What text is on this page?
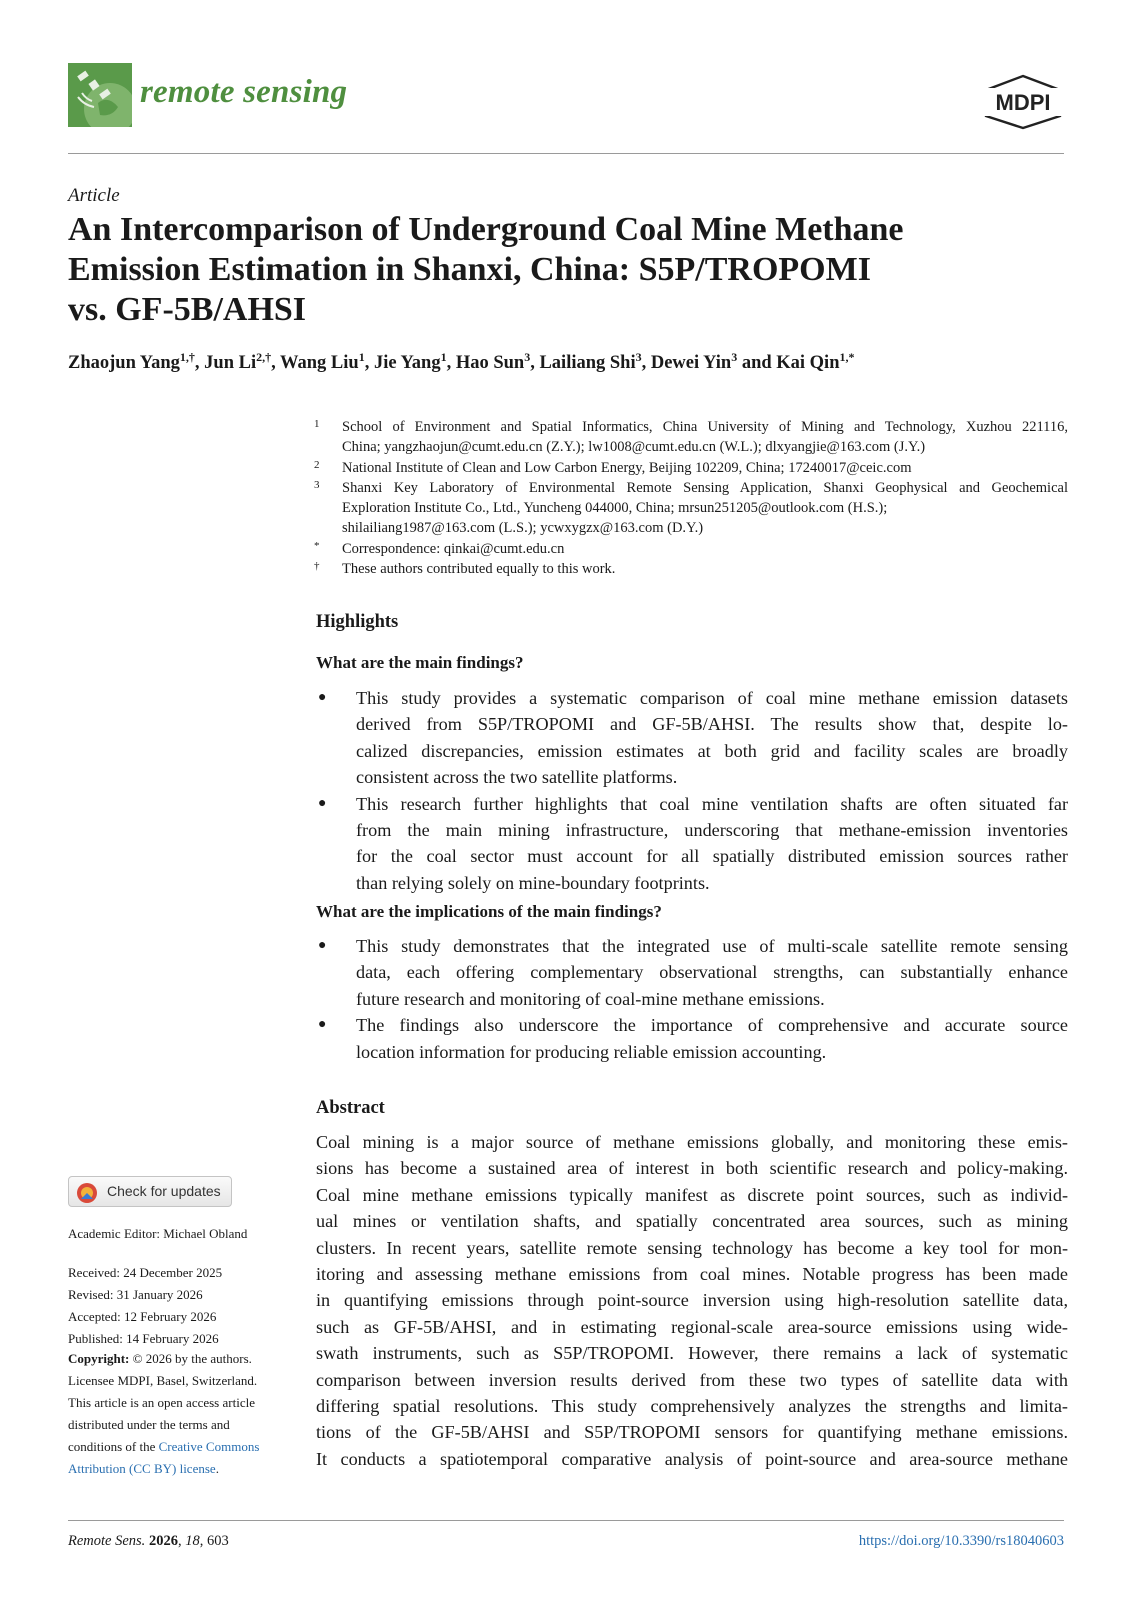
remote sensing	MDPI
Article
An Intercomparison of Underground Coal Mine Methane
Emission Estimation in Shanxi, China: S5P/TROPOMI
vs. GF-5B/AHSI
Zhaojun Yang$^{1,\dagger}$, Jun $Li^{2,\dagger}$, Wang Liu$^1$, Jie Yang$^1$, Hao Sun$^3$, Lailiang Shi$^3$, Dewei Yin$^3$ and Kai Qin$^{1,*}$
1 School of Environment and Spatial Informatics, China University of Mining and Technology, Xuzhou 221116,
China; yangzhaojun@cumt.edu.cn (Z.Y.); lw1008@cumt.edu.cn (W.L.); dlxyangjie@163.com (J.Y.)
2 National Institute of Clean and Low Carbon Energy, Beijing 102209, China; 17240017@ceic.com
3 Shanxi Key Laboratory of Environmental Remote Sensing Application, Shanxi Geophysical and Geochemical
Exploration Institute Co., Ltd., Yuncheng 044000, China; mrsun251205@outlook.com (H.S.);
shilailiang1987@163.com (L.S.); ycwxygzx@163.com (D.Y.)
* Correspondence: qinkai@cumt.edu.cn
† These authors contributed equally to this work.
Highlights
What are the main findings?
● This study provides a systematic comparison of coal mine methane emission datasets
derived from S5P/TROPOMI and GF-5B/AHSI. The results show that, despite lo-
calized discrepancies, emission estimates at both grid and facility scales are broadly
consistent across the two satellite platforms.
● This research further highlights that coal mine ventilation shafts are often situated far
from the main mining infrastructure, underscoring that methane-emission inventories
for the coal sector must account for all spatially distributed emission sources rather
than relying solely on mine-boundary footprints.
What are the implications of the main findings?
● This study demonstrates that the integrated use of multi-scale satellite remote sensing
data, each offering complementary observational strengths, can substantially enhance
future research and monitoring of coal-mine methane emissions.
● The findings also underscore the importance of comprehensive and accurate source
location information for producing reliable emission accounting.
Abstract
Coal mining is a major source of methane emissions globally, and monitoring these emis-
sions has become a sustained area of interest in both scientific research and policy-making.
Coal mine methane emissions typically manifest as discrete point sources, such as individ-
ual mines or ventilation shafts, and spatially concentrated area sources, such as mining
clusters. In recent years, satellite remote sensing technology has become a key tool for mon-
itoring and assessing methane emissions from coal mines. Notable progress has been made
in quantifying emissions through point-source inversion using high-resolution satellite data,
such as GF-5B/AHSI, and in estimating regional-scale area-source emissions using wide-
swath instruments, such as S5P/TROPOMI. However, there remains a lack of systematic
comparison between inversion results derived from these two types of satellite data with
differing spatial resolutions. This study comprehensively analyzes the strengths and limita-
tions of the GF-5B/AHSI and S5P/TROPOMI sensors for quantifying methane emissions.
It conducts a spatiotemporal comparative analysis of point-source and area-source methane
Check for updates
Academic Editor: Michael Obland
Received: 24 December 2025
Revised: 31 January 2026
Accepted: 12 February 2026
Published: 14 February 2026
Copyright: © 2026 by the authors.
Licensee MDPI, Basel, Switzerland.
This article is an open access article
distributed under the terms and
conditions of the Creative Commons
Attribution (CC BY) license.
Remote Sens. 2026, 18, 603	https://doi.org/10.3390/rs18040603
